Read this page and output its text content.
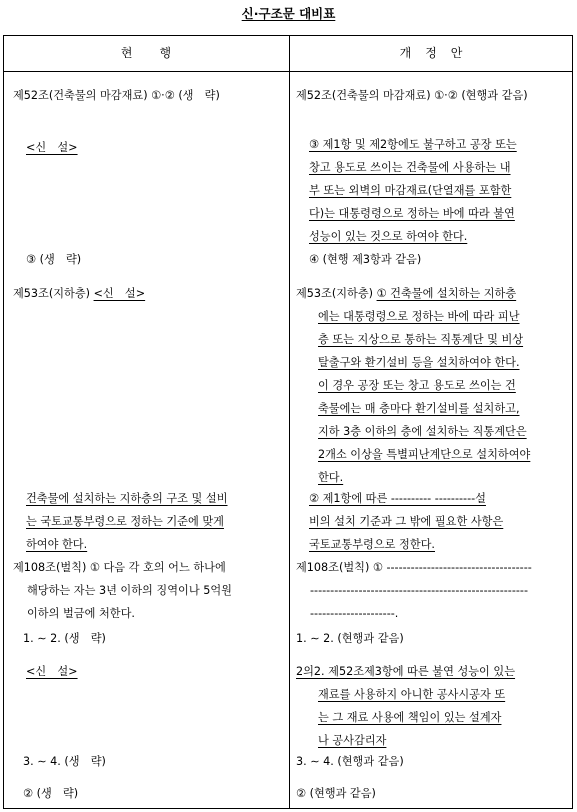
신·구조문 대비표
현　　행	개　정　안
제52조(건축물의 마감재료) ①·② (생　략)
<신　설>
③ (생　략)
제53조(지하층) <신　설>
건축물에 설치하는 지하층의 구조 및 설비
는 국토교통부령으로 정하는 기준에 맞게
하여야 한다.
제108조(벌칙) ① 다음 각 호의 어느 하나에
해당하는 자는 3년 이하의 징역이나 5억원
이하의 벌금에 처한다.
1. ∼ 2. (생　략)
<신　설>
3. ∼ 4. (생　략)
② (생　략)
제52조(건축물의 마감재료) ①·② (현행과 같음)
③ 제1항 및 제2항에도 불구하고 공장 또는
창고 용도로 쓰이는 건축물에 사용하는 내
부 또는 외벽의 마감재료(단열재를 포함한
다)는 대통령령으로 정하는 바에 따라 불연
성능이 있는 것으로 하여야 한다.
④ (현행 제3항과 같음)
제53조(지하층) ① 건축물에 설치하는 지하층
에는 대통령령으로 정하는 바에 따라 피난
층 또는 지상으로 통하는 직통계단 및 비상
탈출구와 환기설비 등을 설치하여야 한다.
이 경우 공장 또는 창고 용도로 쓰이는 건
축물에는 매 층마다 환기설비를 설치하고,
지하 3층 이하의 층에 설치하는 직통계단은
2개소 이상을 특별피난계단으로 설치하여야
한다.
② 제1항에 따른 ---------- ----------설
비의 설치 기준과 그 밖에 필요한 사항은
국토교통부령으로 정한다.
제108조(벌칙) ① ------------------------------------
------------------------------------------------------
---------------------.
1. ∼ 2. (현행과 같음)
2의2. 제52조제3항에 따른 불연 성능이 있는
재료를 사용하지 아니한 공사시공자 또
는 그 재료 사용에 책임이 있는 설계자
나 공사감리자
3. ∼ 4. (현행과 같음)
② (현행과 같음)
